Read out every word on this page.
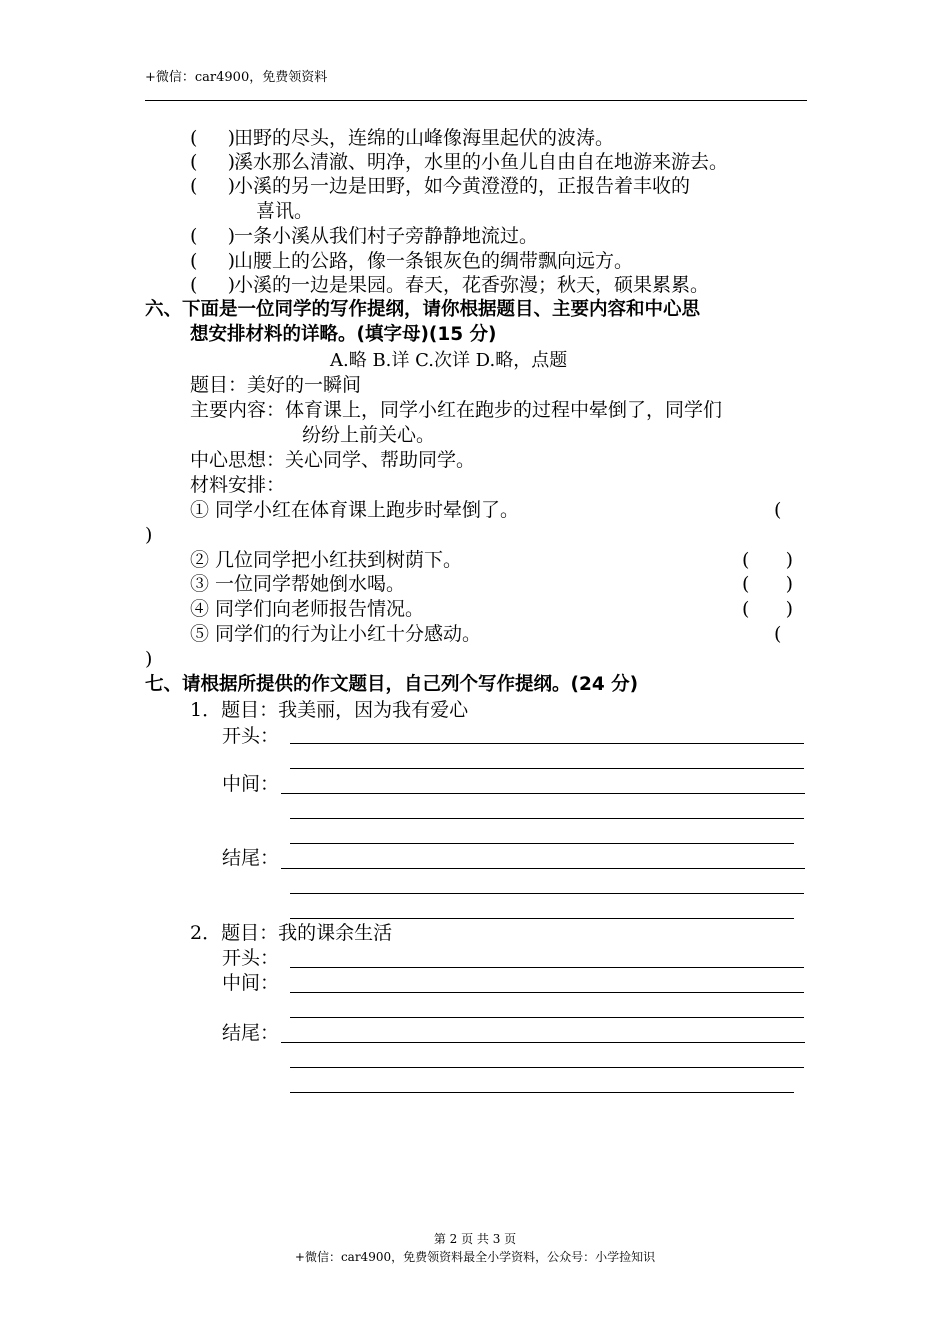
+微信：car4900，免费领资料
(     )田野的尽头，连绵的山峰像海里起伏的波涛。
(     )溪水那么清澈、明净，水里的小鱼儿自由自在地游来游去。
(     )小溪的另一边是田野，如今黄澄澄的，正报告着丰收的
喜讯。
(     )一条小溪从我们村子旁静静地流过。
(     )山腰上的公路，像一条银灰色的绸带飘向远方。
(     )小溪的一边是果园。春天，花香弥漫；秋天，硕果累累。
六、下面是一位同学的写作提纲，请你根据题目、主要内容和中心思
想安排材料的详略。(填字母)(15 分)
A.略 B.详 C.次详 D.略，点题
题目：美好的一瞬间
主要内容：体育课上，同学小红在跑步的过程中晕倒了，同学们
纷纷上前关心。
中心思想：关心同学、帮助同学。
材料安排：
① 同学小红在体育课上跑步时晕倒了。	(
)
② 几位同学把小红扶到树荫下。	(      )
③ 一位同学帮她倒水喝。	(      )
④ 同学们向老师报告情况。	(      )
⑤ 同学们的行为让小红十分感动。	(
)
七、请根据所提供的作文题目，自己列个写作提纲。(24 分)
1．题目：我美丽，因为我有爱心
开头：
中间：
结尾：
2．题目：我的课余生活
开头：
中间：
结尾：
第 2 页 共 3 页
+微信：car4900，免费领资料最全小学资料，公众号：小学捡知识
